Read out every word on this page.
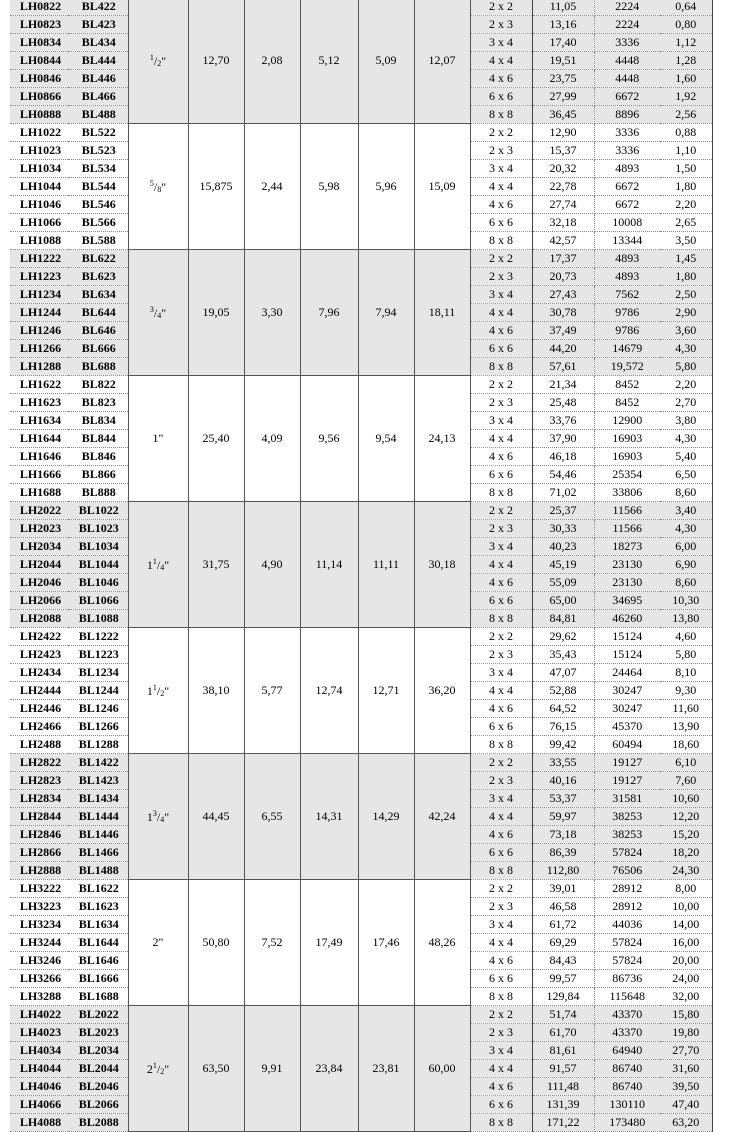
LH0822	BL422	$^1/_2$"	12,70	2,08	5,12	5,09	12,07	2 x 2	11,05	2224	0,64
LH0823	BL423							2 x 3	13,16	2224	0,80
LH0834	BL434							3 x 4	17,40	3336	1,12
LH0844	BL444							4 x 4	19,51	4448	1,28
LH0846	BL446							4 x 6	23,75	4448	1,60
LH0866	BL466							6 x 6	27,99	6672	1,92
LH0888	BL488							8 x 8	36,45	8896	2,56
LH1022	BL522	$^5/_8$"	15,875	2,44	5,98	5,96	15,09	2 x 2	12,90	3336	0,88
LH1023	BL523							2 x 3	15,37	3336	1,10
LH1034	BL534							3 x 4	20,32	4893	1,50
LH1044	BL544							4 x 4	22,78	6672	1,80
LH1046	BL546							4 x 6	27,74	6672	2,20
LH1066	BL566							6 x 6	32,18	10008	2,65
LH1088	BL588							8 x 8	42,57	13344	3,50
LH1222	BL622	$^3/_4$"	19,05	3,30	7,96	7,94	18,11	2 x 2	17,37	4893	1,45
LH1223	BL623							2 x 3	20,73	4893	1,80
LH1234	BL634							3 x 4	27,43	7562	2,50
LH1244	BL644							4 x 4	30,78	9786	2,90
LH1246	BL646							4 x 6	37,49	9786	3,60
LH1266	BL666							6 x 6	44,20	14679	4,30
LH1288	BL688							8 x 8	57,61	19,572	5,80
LH1622	BL822	1"	25,40	4,09	9,56	9,54	24,13	2 x 2	21,34	8452	2,20
LH1623	BL823							2 x 3	25,48	8452	2,70
LH1634	BL834							3 x 4	33,76	12900	3,80
LH1644	BL844							4 x 4	37,90	16903	4,30
LH1646	BL846							4 x 6	46,18	16903	5,40
LH1666	BL866							6 x 6	54,46	25354	6,50
LH1688	BL888							8 x 8	71,02	33806	8,60
LH2022	BL1022	$1^1/_4$"	31,75	4,90	11,14	11,11	30,18	2 x 2	25,37	11566	3,40
LH2023	BL1023							2 x 3	30,33	11566	4,30
LH2034	BL1034							3 x 4	40,23	18273	6,00
LH2044	BL1044							4 x 4	45,19	23130	6,90
LH2046	BL1046							4 x 6	55,09	23130	8,60
LH2066	BL1066							6 x 6	65,00	34695	10,30
LH2088	BL1088							8 x 8	84,81	46260	13,80
LH2422	BL1222	$1^1/_2$"	38,10	5,77	12,74	12,71	36,20	2 x 2	29,62	15124	4,60
LH2423	BL1223							2 x 3	35,43	15124	5,80
LH2434	BL1234							3 x 4	47,07	24464	8,10
LH2444	BL1244							4 x 4	52,88	30247	9,30
LH2446	BL1246							4 x 6	64,52	30247	11,60
LH2466	BL1266							6 x 6	76,15	45370	13,90
LH2488	BL1288							8 x 8	99,42	60494	18,60
LH2822	BL1422	$1^3/_4$"	44,45	6,55	14,31	14,29	42,24	2 x 2	33,55	19127	6,10
LH2823	BL1423							2 x 3	40,16	19127	7,60
LH2834	BL1434							3 x 4	53,37	31581	10,60
LH2844	BL1444							4 x 4	59,97	38253	12,20
LH2846	BL1446							4 x 6	73,18	38253	15,20
LH2866	BL1466							6 x 6	86,39	57824	18,20
LH2888	BL1488							8 x 8	112,80	76506	24,30
LH3222	BL1622	2"	50,80	7,52	17,49	17,46	48,26	2 x 2	39,01	28912	8,00
LH3223	BL1623							2 x 3	46,58	28912	10,00
LH3234	BL1634							3 x 4	61,72	44036	14,00
LH3244	BL1644							4 x 4	69,29	57824	16,00
LH3246	BL1646							4 x 6	84,43	57824	20,00
LH3266	BL1666							6 x 6	99,57	86736	24,00
LH3288	BL1688							8 x 8	129,84	115648	32,00
LH4022	BL2022	$2^1/_2$"	63,50	9,91	23,84	23,81	60,00	2 x 2	51,74	43370	15,80
LH4023	BL2023							2 x 3	61,70	43370	19,80
LH4034	BL2034							3 x 4	81,61	64940	27,70
LH4044	BL2044							4 x 4	91,57	86740	31,60
LH4046	BL2046							4 x 6	111,48	86740	39,50
LH4066	BL2066							6 x 6	131,39	130110	47,40
LH4088	BL2088							8 x 8	171,22	173480	63,20
